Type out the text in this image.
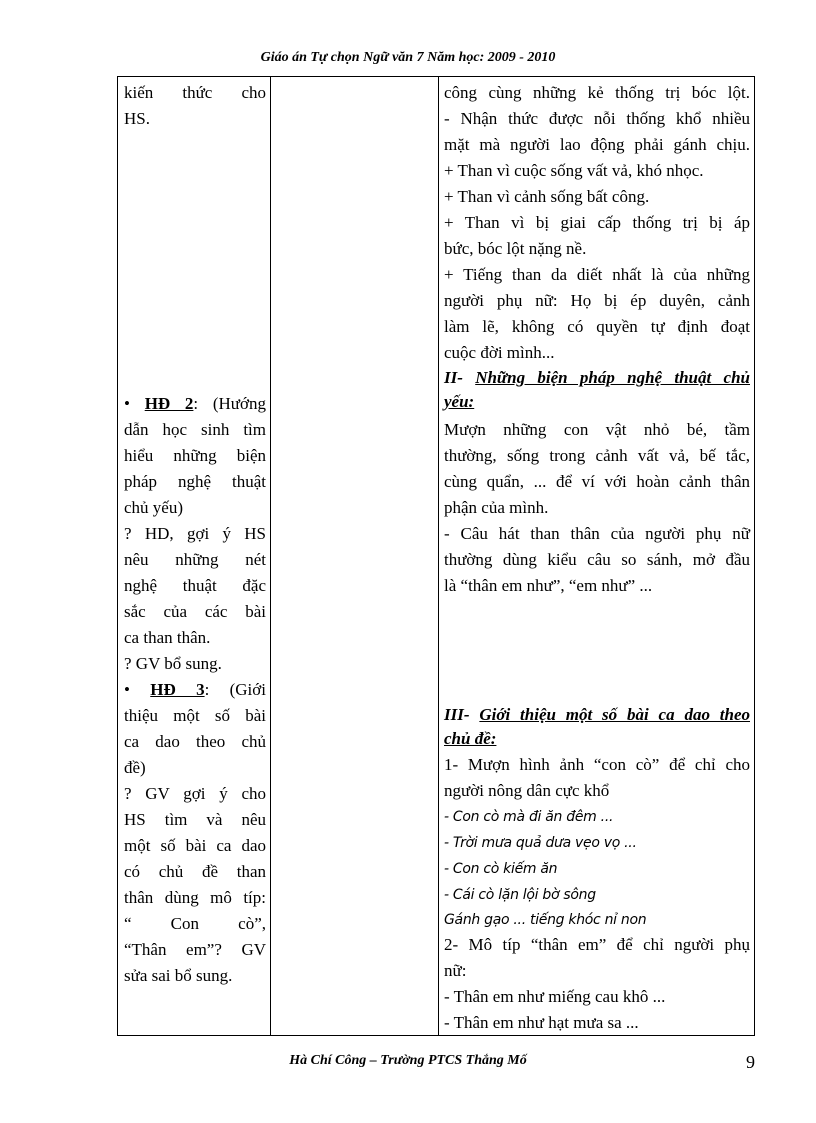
Giáo án Tự chọn Ngữ văn 7 Năm học: 2009 - 2010
kiến thức cho
HS.
• HĐ 2: (Hướng
dẫn học sinh tìm
hiểu những biện
pháp nghệ thuật
chủ yếu)
? HD, gợi ý HS
nêu những nét
nghệ thuật đặc
sắc của các bài
ca than thân.
? GV bổ sung.
• HĐ 3: (Giới
thiệu một số bài
ca dao theo chủ
đề)
? GV gợi ý cho
HS tìm và nêu
một số bài ca dao
có chủ đề than
thân dùng mô típ:
“ Con cò”,
“Thân em”? GV
sửa sai bổ sung.
công cùng những kẻ thống trị bóc lột.
- Nhận thức được nỗi thống khổ nhiều
mặt mà người lao động phải gánh chịu.
+ Than vì cuộc sống vất vả, khó nhọc.
+ Than vì cảnh sống bất công.
+ Than vì bị giai cấp thống trị bị áp
bức, bóc lột nặng nề.
+ Tiếng than da diết nhất là của những
người phụ nữ: Họ bị ép duyên, cảnh
làm lẽ, không có quyền tự định đoạt
cuộc đời mình...
II- Những biện pháp nghệ thuật chủ
yếu:
Mượn những con vật nhỏ bé, tầm
thường, sống trong cảnh vất vả, bế tắc,
cùng quẩn, ... để ví với hoàn cảnh thân
phận của mình.
- Câu hát than thân của người phụ nữ
thường dùng kiểu câu so sánh, mở đầu
là “thân em như”, “em như” ...
III- Giới thiệu một số bài ca dao theo
chủ đề:
1- Mượn hình ảnh “con cò” để chỉ cho
người nông dân cực khổ
- Con cò mà đi ăn đêm ...
- Trời mưa quả dưa vẹo vọ ...
- Con cò kiếm ăn
- Cái cò lặn lội bờ sông
Gánh gạo ... tiếng khóc nỉ non
2- Mô típ “thân em” để chỉ người phụ
nữ:
- Thân em như miếng cau khô ...
- Thân em như hạt mưa sa ...
Hà Chí Công – Trường PTCS Thắng Mố	9
